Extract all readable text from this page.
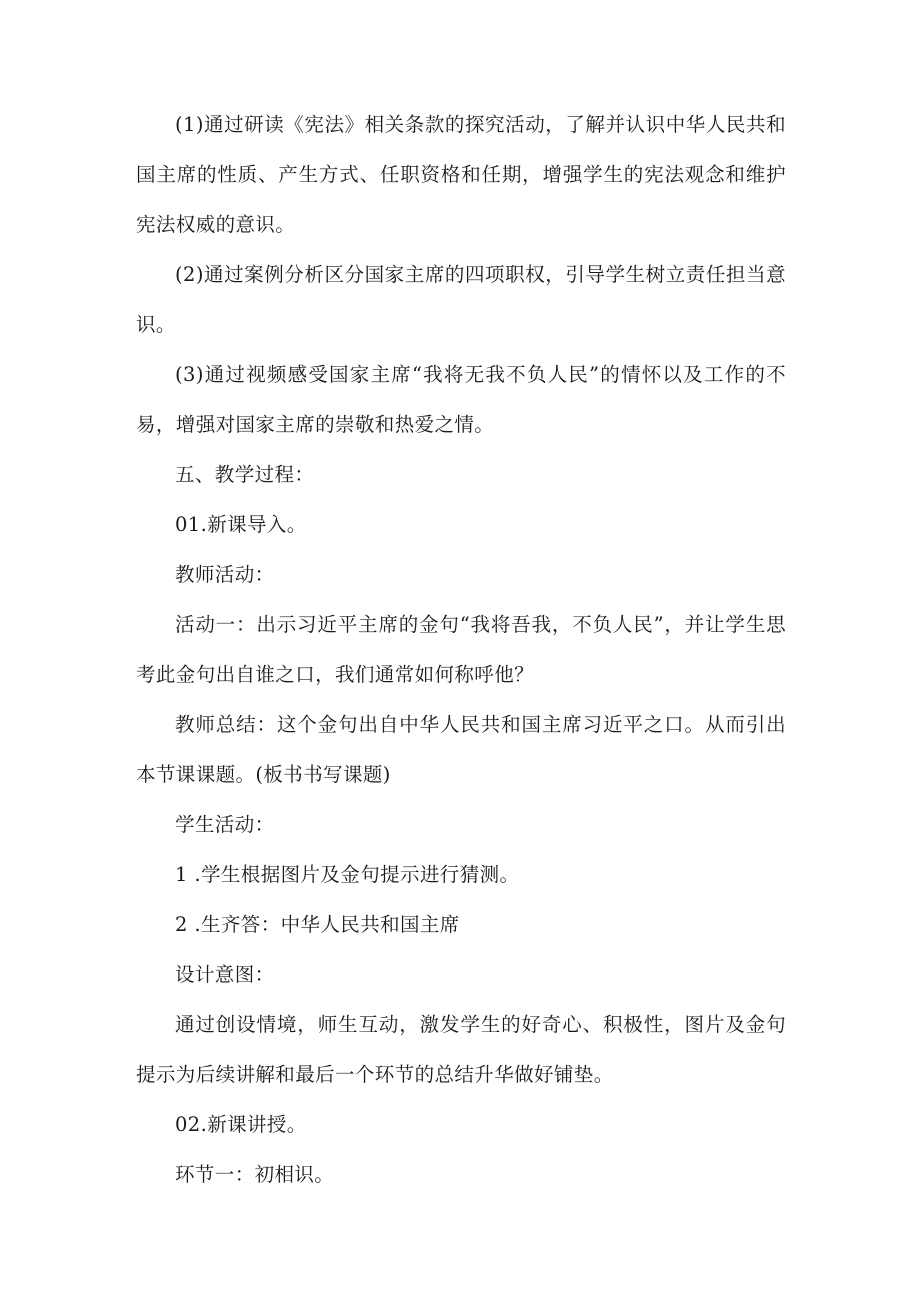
(1)通过研读《宪法》相关条款的探究活动，了解并认识中华人民共和国主席的性质、产生方式、任职资格和任期，增强学生的宪法观念和维护宪法权威的意识。

(2)通过案例分析区分国家主席的四项职权，引导学生树立责任担当意识。

(3)通过视频感受国家主席“我将无我不负人民”的情怀以及工作的不易，增强对国家主席的崇敬和热爱之情。

五、教学过程：

01.新课导入。

教师活动：

活动一：出示习近平主席的金句“我将吾我，不负人民”，并让学生思考此金句出自谁之口，我们通常如何称呼他？

教师总结：这个金句出自中华人民共和国主席习近平之口。从而引出本节课课题。(板书书写课题)

学生活动：

1 .学生根据图片及金句提示进行猜测。

2 .生齐答：中华人民共和国主席

设计意图：

通过创设情境，师生互动，激发学生的好奇心、积极性，图片及金句提示为后续讲解和最后一个环节的总结升华做好铺垫。

02.新课讲授。

环节一：初相识。
